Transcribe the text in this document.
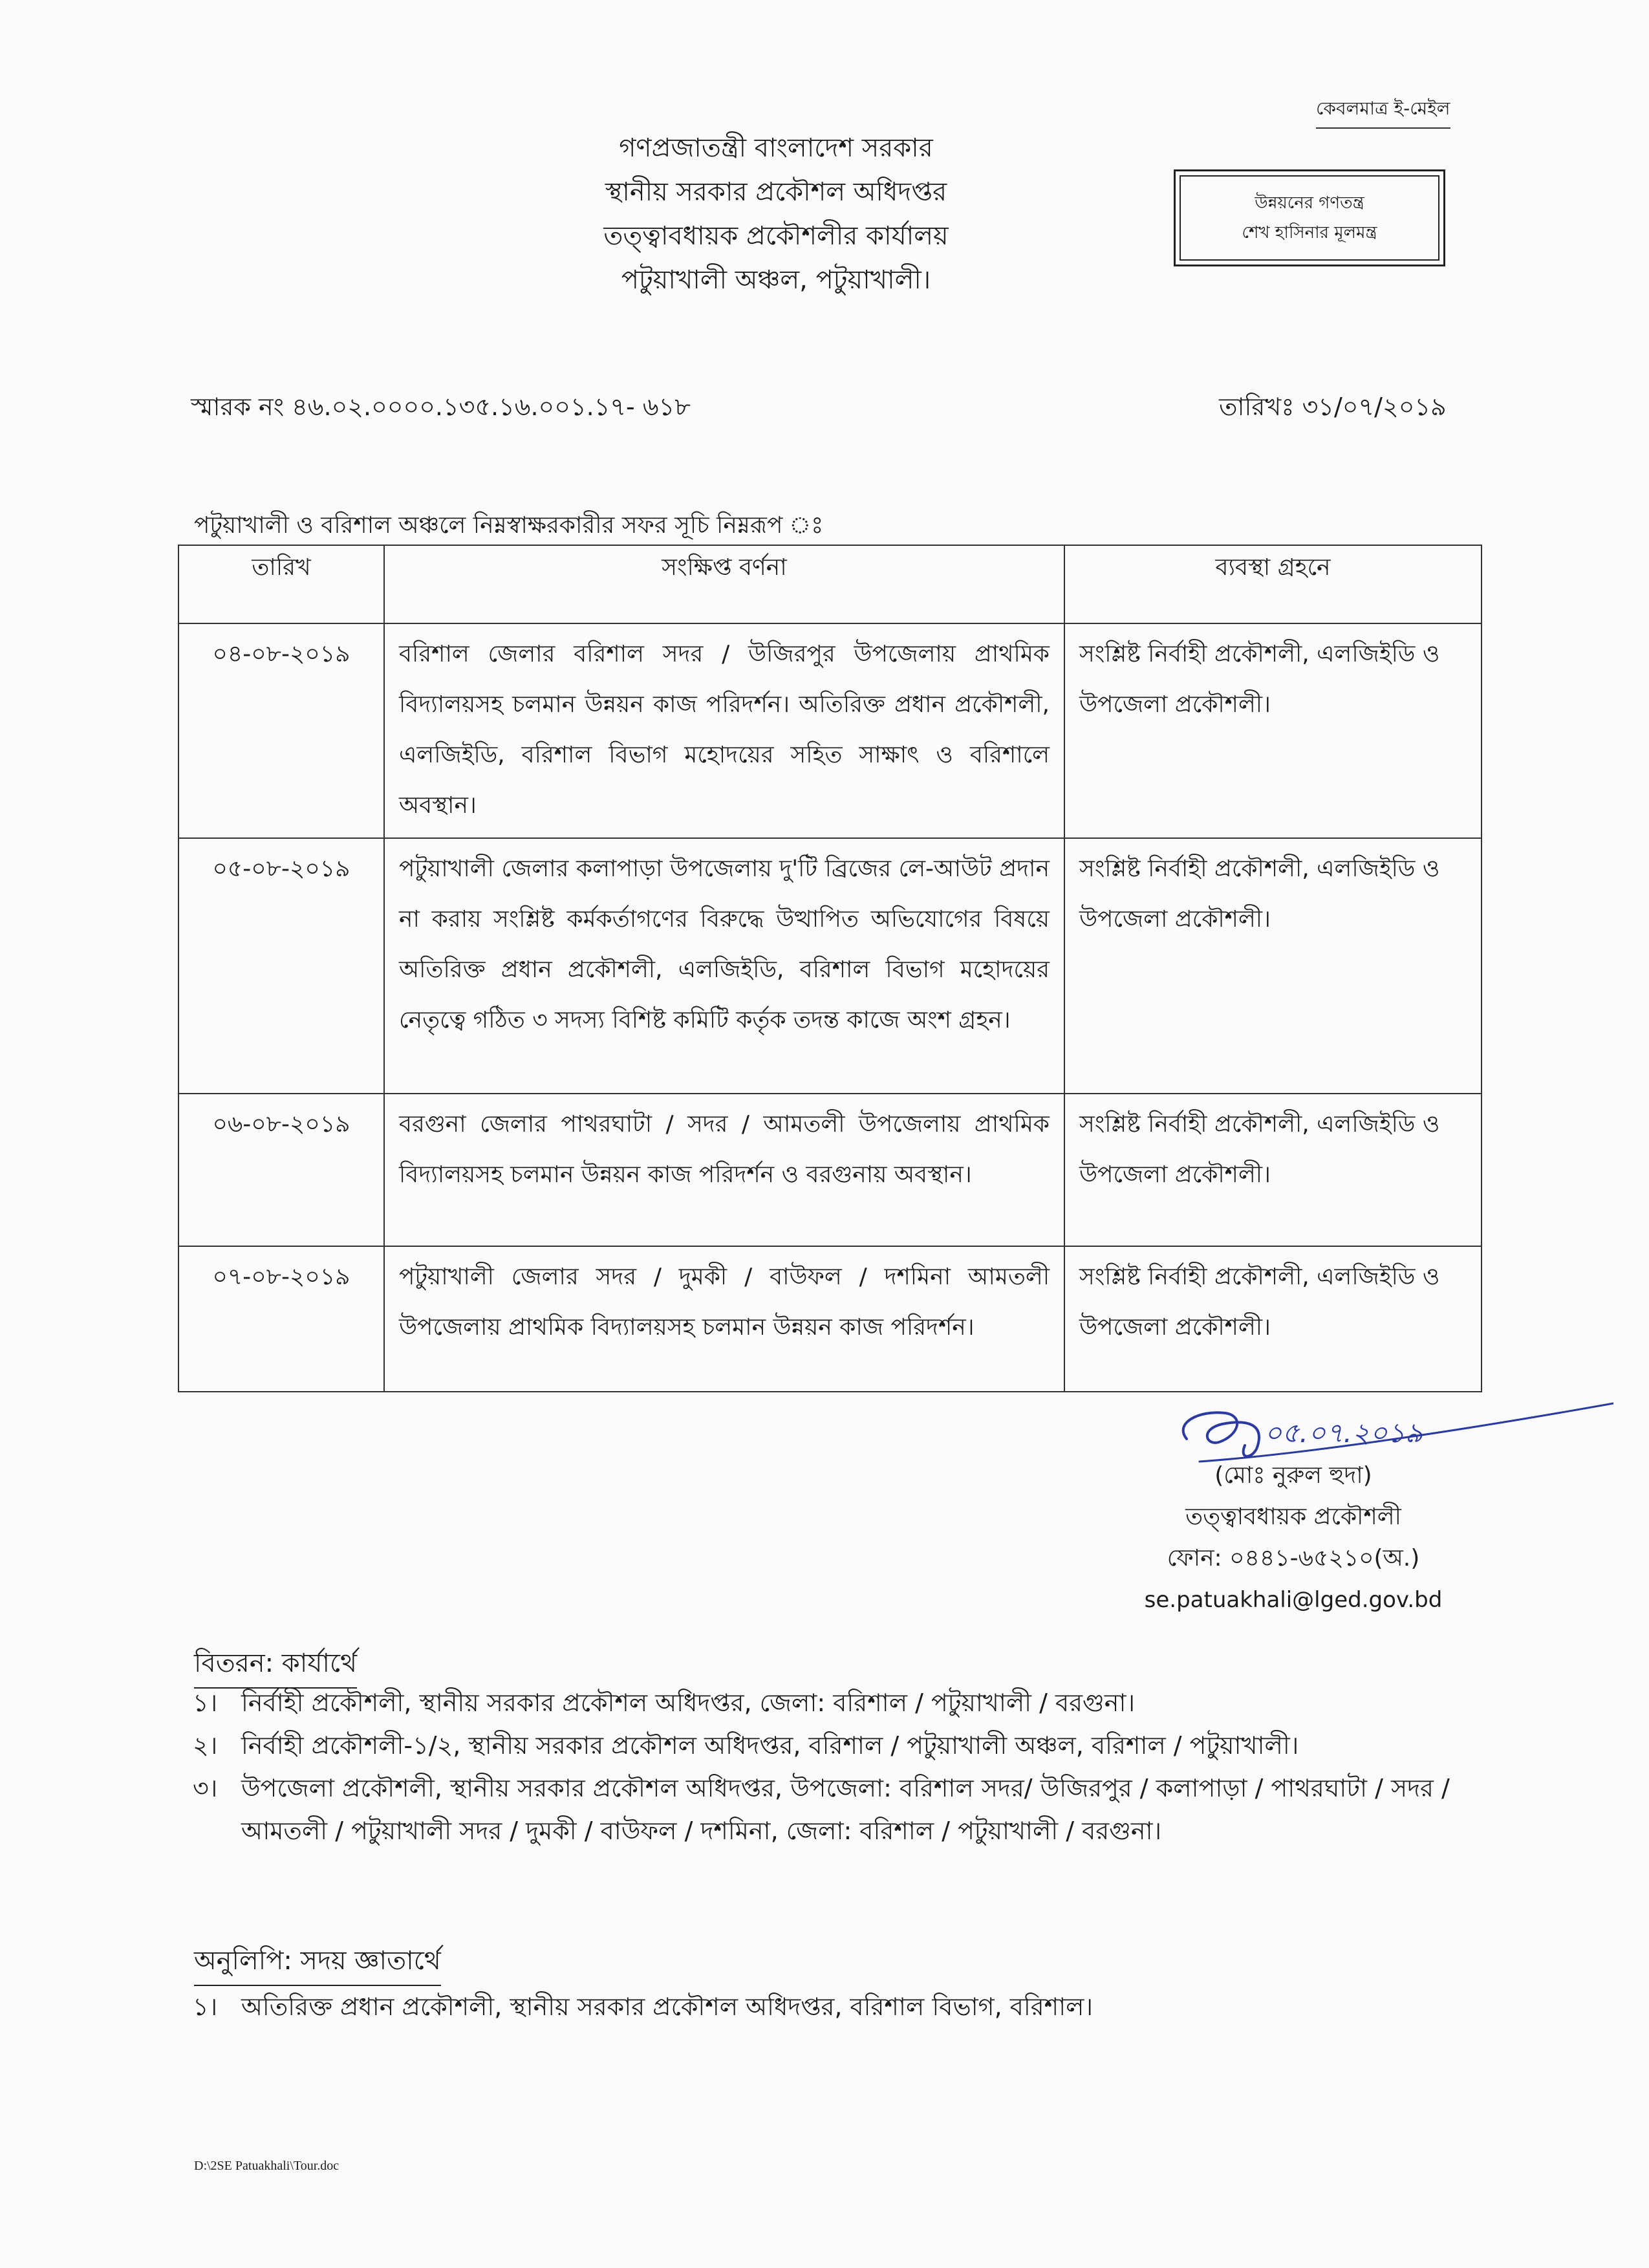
কেবলমাত্র ই-মেইল
গণপ্রজাতন্ত্রী বাংলাদেশ সরকার
স্থানীয় সরকার প্রকৌশল অধিদপ্তর
তত্ত্বাবধায়ক প্রকৌশলীর কার্যালয়
পটুয়াখালী অঞ্চল, পটুয়াখালী।
উন্নয়নের গণতন্ত্র
শেখ হাসিনার মূলমন্ত্র
স্মারক নং ৪৬.০২.০০০০.১৩৫.১৬.০০১.১৭- ৬১৮	তারিখঃ ৩১/০৭/২০১৯
পটুয়াখালী ও বরিশাল অঞ্চলে নিম্নস্বাক্ষরকারীর সফর সূচি নিম্নরূপ ঃ
তারিখ	সংক্ষিপ্ত বর্ণনা	ব্যবস্থা গ্রহনে
০৪-০৮-২০১৯	বরিশাল জেলার বরিশাল সদর / উজিরপুর উপজেলায় প্রাথমিক বিদ্যালয়সহ চলমান উন্নয়ন কাজ পরিদর্শন। অতিরিক্ত প্রধান প্রকৌশলী, এলজিইডি, বরিশাল বিভাগ মহোদয়ের সহিত সাক্ষাৎ ও বরিশালে অবস্থান।	সংশ্লিষ্ট নির্বাহী প্রকৌশলী, এলজিইডি ও উপজেলা প্রকৌশলী।
০৫-০৮-২০১৯	পটুয়াখালী জেলার কলাপাড়া উপজেলায় দু'টি ব্রিজের লে-আউট প্রদান না করায় সংশ্লিষ্ট কর্মকর্তাগণের বিরুদ্ধে উত্থাপিত অভিযোগের বিষয়ে অতিরিক্ত প্রধান প্রকৌশলী, এলজিইডি, বরিশাল বিভাগ মহোদয়ের নেতৃত্বে গঠিত ৩ সদস্য বিশিষ্ট কমিটি কর্তৃক তদন্ত কাজে অংশ গ্রহন।	সংশ্লিষ্ট নির্বাহী প্রকৌশলী, এলজিইডি ও উপজেলা প্রকৌশলী।
০৬-০৮-২০১৯	বরগুনা জেলার পাথরঘাটা / সদর / আমতলী উপজেলায় প্রাথমিক বিদ্যালয়সহ চলমান উন্নয়ন কাজ পরিদর্শন ও বরগুনায় অবস্থান।	সংশ্লিষ্ট নির্বাহী প্রকৌশলী, এলজিইডি ও উপজেলা প্রকৌশলী।
০৭-০৮-২০১৯	পটুয়াখালী জেলার সদর / দুমকী / বাউফল / দশমিনা আমতলী উপজেলায় প্রাথমিক বিদ্যালয়সহ চলমান উন্নয়ন কাজ পরিদর্শন।	সংশ্লিষ্ট নির্বাহী প্রকৌশলী, এলজিইডি ও উপজেলা প্রকৌশলী।
০৫.০৭.২০১৯
(মোঃ নুরুল হুদা)
তত্ত্বাবধায়ক প্রকৌশলী
ফোন: ০৪৪১-৬৫২১০(অ.)
se.patuakhali@lged.gov.bd
বিতরন: কার্যার্থে
১। নির্বাহী প্রকৌশলী, স্থানীয় সরকার প্রকৌশল অধিদপ্তর, জেলা: বরিশাল / পটুয়াখালী / বরগুনা।
২। নির্বাহী প্রকৌশলী-১/২, স্থানীয় সরকার প্রকৌশল অধিদপ্তর, বরিশাল / পটুয়াখালী অঞ্চল, বরিশাল / পটুয়াখালী।
৩। উপজেলা প্রকৌশলী, স্থানীয় সরকার প্রকৌশল অধিদপ্তর, উপজেলা: বরিশাল সদর/ উজিরপুর / কলাপাড়া / পাথরঘাটা / সদর / আমতলী / পটুয়াখালী সদর / দুমকী / বাউফল / দশমিনা, জেলা: বরিশাল / পটুয়াখালী / বরগুনা।
অনুলিপি: সদয় জ্ঞাতার্থে
১। অতিরিক্ত প্রধান প্রকৌশলী, স্থানীয় সরকার প্রকৌশল অধিদপ্তর, বরিশাল বিভাগ, বরিশাল।
D:\2SE Patuakhali\Tour.doc
